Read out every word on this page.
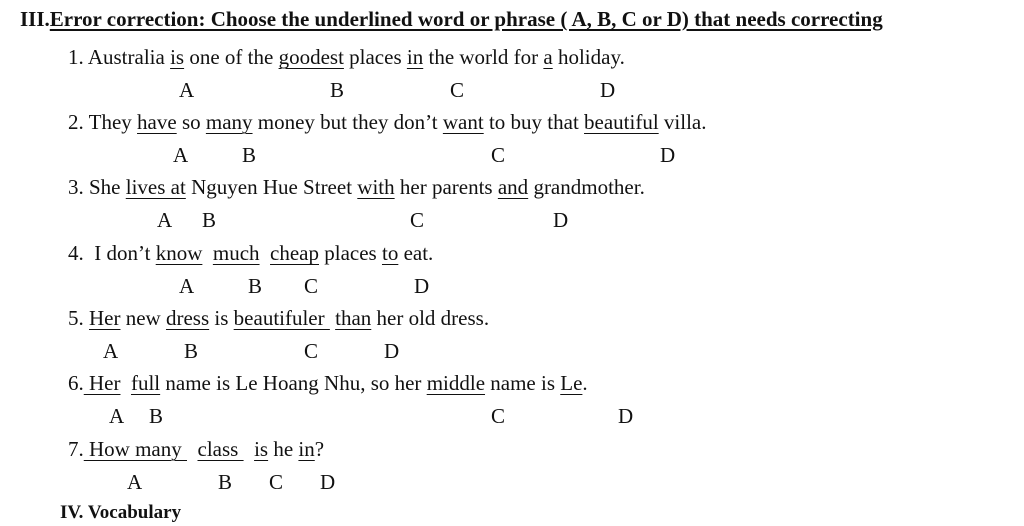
III.Error correction: Choose the underlined word or phrase ( A, B, C or D) that needs correcting
1. Australia is one of the goodest places in the world for a holiday.
A	B	C	D
2. They have so many money but they don’t want to buy that beautiful villa.
A	B	C	D
3. She lives at Nguyen Hue Street with her parents and grandmother.
A B	C	D
4.  I don’t know much cheap places to eat.
A	B C	D
5. Her new dress is beautifuler  than her old dress.
A	B	C	D
6. Her full name is Le Hoang Nhu, so her middle name is Le.
A B	C	D
7. How many   class   is he in?
A	B C D
IV. Vocabulary
